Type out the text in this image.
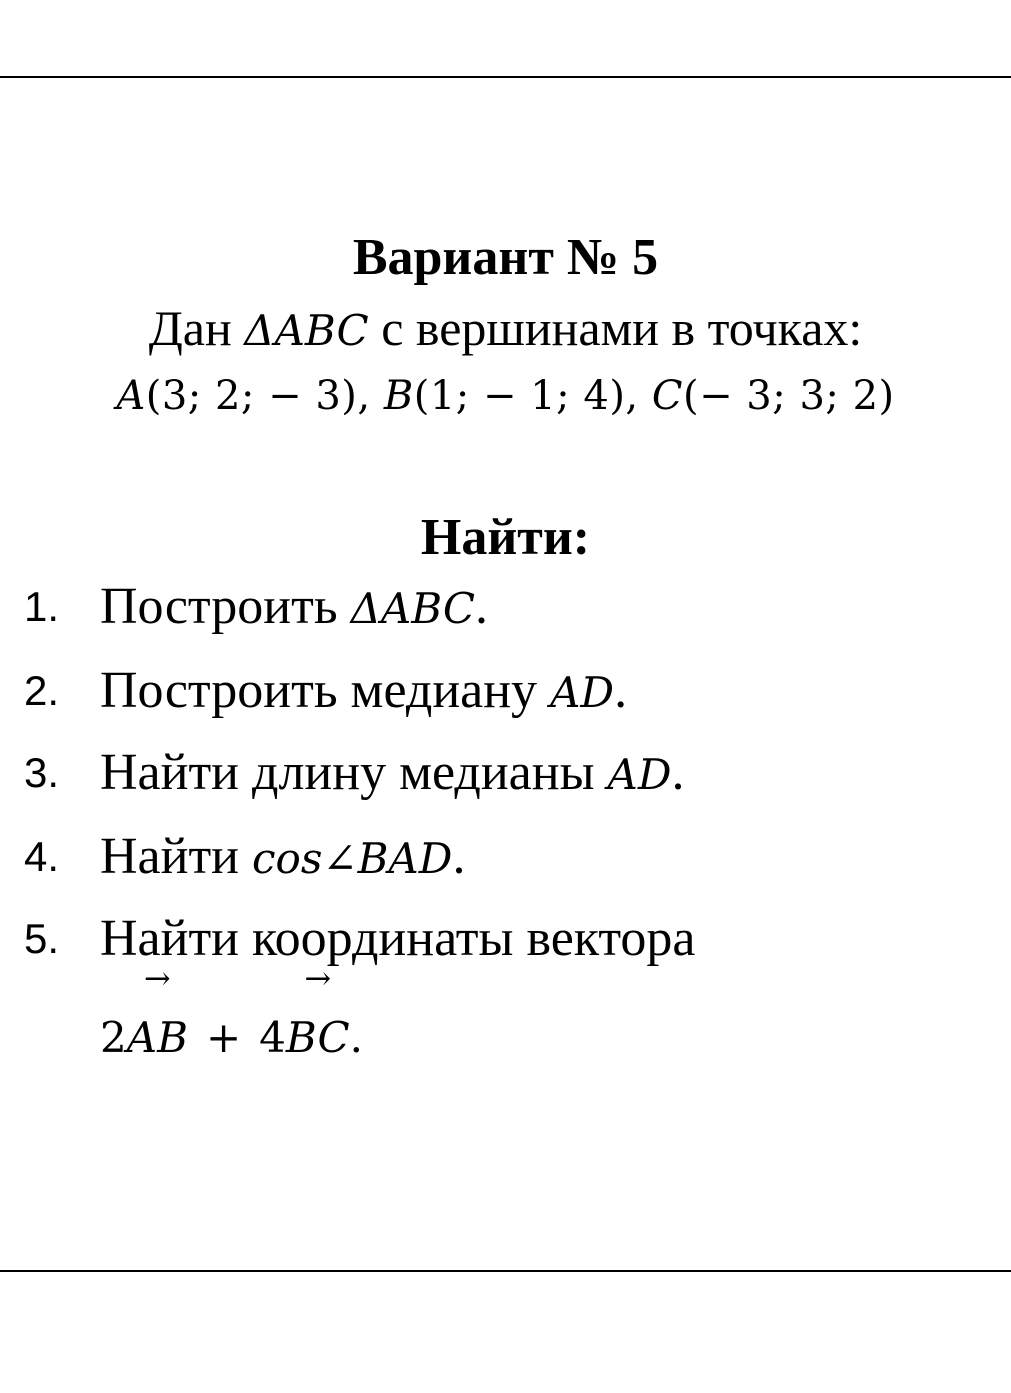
Вариант № 5
Дан ΔABC с вершинами в точках:
A(3; 2; − 3), B(1; − 1; 4), C(− 3; 3; 2)
Найти:
1. Построить ΔABC.
2. Построить медиану AD.
3. Найти длину медианы AD.
4. Найти cos∠BAD.
5. Найти координаты вектора
2
→
AB + 4
→
BC.
